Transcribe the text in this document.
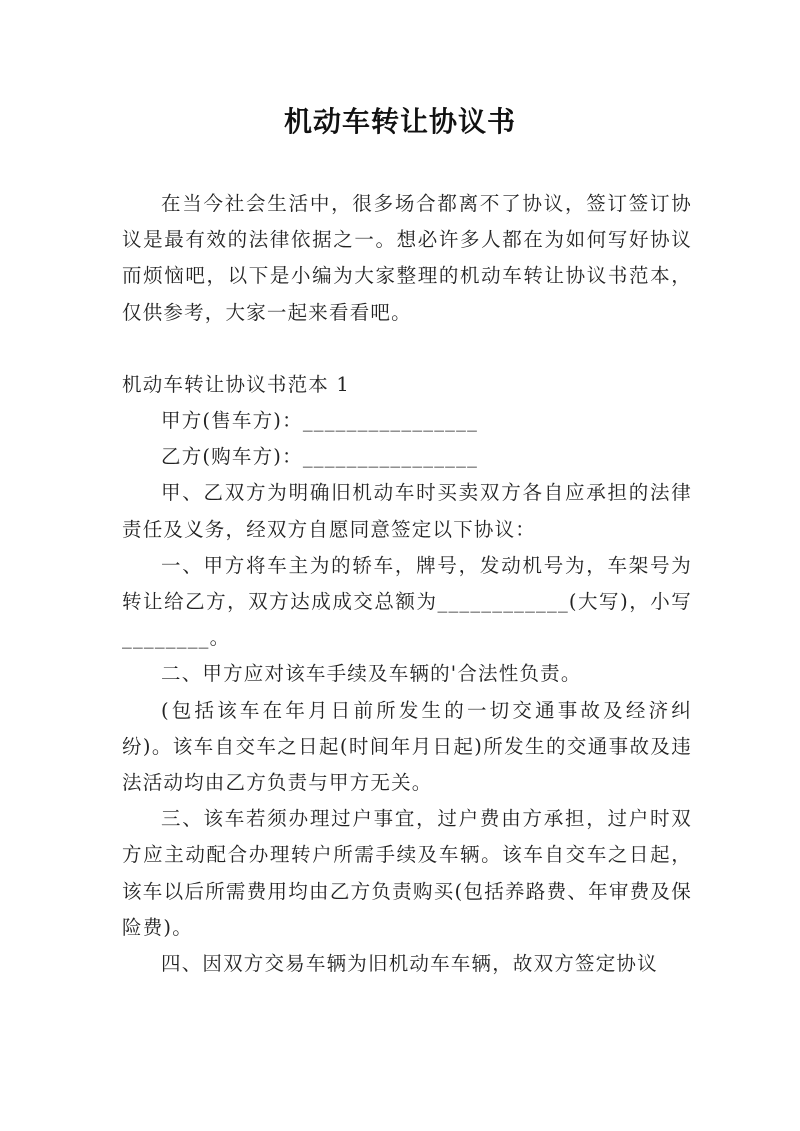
机动车转让协议书

在当今社会生活中，很多场合都离不了协议，签订签订协议是最有效的法律依据之一。想必许多人都在为如何写好协议而烦恼吧，以下是小编为大家整理的机动车转让协议书范本，仅供参考，大家一起来看看吧。

机动车转让协议书范本 1

甲方(售车方)：________________

乙方(购车方)：________________

甲、乙双方为明确旧机动车时买卖双方各自应承担的法律责任及义务，经双方自愿同意签定以下协议：

一、甲方将车主为的轿车，牌号，发动机号为，车架号为转让给乙方，双方达成成交总额为____________(大写)，小写________。

二、甲方应对该车手续及车辆的'合法性负责。

(包括该车在年月日前所发生的一切交通事故及经济纠纷)。该车自交车之日起(时间年月日起)所发生的交通事故及违法活动均由乙方负责与甲方无关。

三、该车若须办理过户事宜，过户费由方承担，过户时双方应主动配合办理转户所需手续及车辆。该车自交车之日起，该车以后所需费用均由乙方负责购买(包括养路费、年审费及保险费)。

四、因双方交易车辆为旧机动车车辆，故双方签定协议
